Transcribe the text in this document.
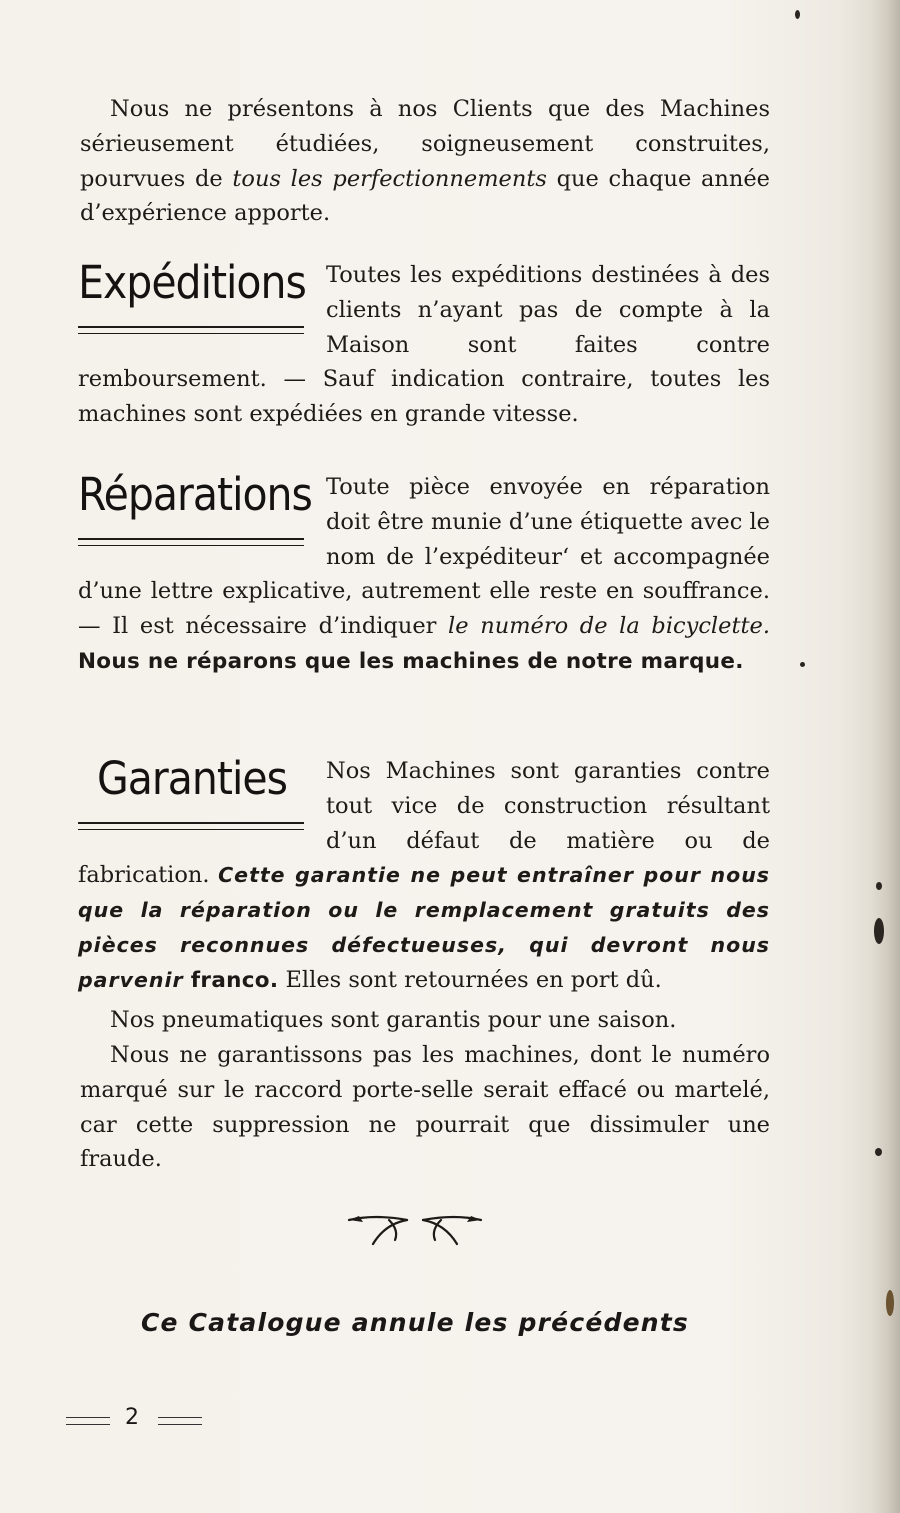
Nous ne présentons à nos Clients que des Machines sérieusement étudiées, soigneusement construites, pourvues de tous les perfectionnements que chaque année d’expérience apporte.
Expéditions Toutes les expéditions destinées à des clients n’ayant pas de compte à la Maison sont faites contre remboursement. — Sauf indication contraire, toutes les machines sont expédiées en grande vitesse.

Réparations Toute pièce envoyée en réparation doit être munie d’une étiquette avec le nom de l’expéditeur‘ et accompagnée d’une lettre explicative, autrement elle reste en souffrance. — Il est nécessaire d’indiquer le numéro de la bicyclette. Nous ne réparons que les machines de notre marque.

Garanties	Nos Machines sont garanties contre tout vice de construction résultant d’un défaut de matière ou de fabrication. Cette garantie ne peut entraîner pour nous que la réparation ou le remplacement gratuits des pièces reconnues défectueuses, qui devront nous parvenir franco. Elles sont retournées en port dû.

Nos pneumatiques sont garantis pour une saison.
Nous ne garantissons pas les machines, dont le numéro marqué sur le raccord porte-selle serait effacé ou martelé, car cette suppression ne pourrait que dissimuler une fraude.
Ce Catalogue annule les précédents
2
